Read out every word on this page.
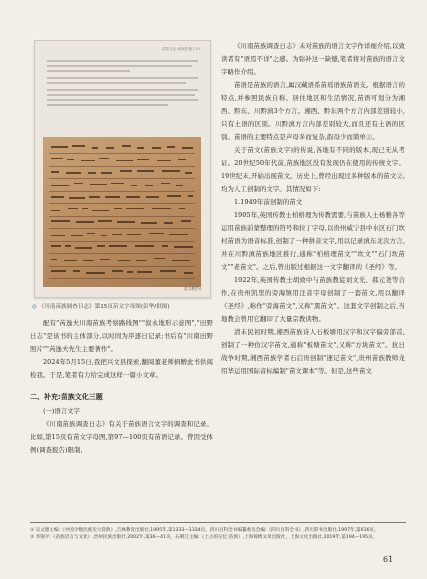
武陵文化·地域传播 | 15
苗文教学片
◎ 《川南苗族调查日志》第15页苗文字母图(彭华/供图)

配有"芮逸夫川南苗族考察路线图""叙永地形示意图","田野日志"是该书的主体部分,以时间为序逐日记录;书后有"川南田野照片""芮逸夫先生主要著作"。

2024年5月15日,我把兴文县探索,翻阅董老师捐赠此书供阅检我。于是,笔者有力给完成这样一篇小文章。

二、补充:苗族文化三题
(一)语言文字

《川南苗族调查日志》有关于苗族语言文字的调查和记录。比如,第15页有苗文字母图,第97—100页有苗语记录。曾因受体例(调查报告)限制,

《川南苗族调查日志》未对苗族的语言文字作详细介绍,以致读者有"语焉不详"之感。为弥补这一缺憾,笔者将对苗族的语言文字略作介绍。

苗语是苗族的语言,属汉藏语系苗瑶语族苗语支。根据语言的特点,并参照民族自称、居住地区和生活情况,苗语可划分为湘西、黔东、川黔滇3个方言。湘西、黔东两个方言内部差别较小,只有土语的区别。川黔滇方言内部差别较大,而且还有土语的区别。苗语的主要特点是声母多而复杂,韵母少而简单①。

关于苗文(苗族文字)的传说,各地有不同的版本,现已无从考证。20世纪50年代前,苗族地区没有发现仍在使用的传统文字。19世纪末,开始出现苗文。历史上,曾经出现过多种版本的苗文②,均为人工创制的文字。其情况如下:

1.1949年前创制的苗文

1905年,英国传教士柏格理为传教需要,与苗族人士杨雅各等运用苗族前蒙整理的符号和拉丁字母,以贵州威宁县中水区石门坎村苗语为语音标准,创制了一种拼音文字,用以记录滇东北次方言,并在川黔滇苗族地区推行,通称"柏格理苗文""坎文""石门坎苗文""老苗文"。之后,曾出版过根据这一文字翻译的《圣经》等。

1922年,英国传教士胡致中与苗族教徒刘文光、郝元尧等合作,在贵州凯里的旁海镇用注音字母创制了一套苗文,用以翻译《圣经》,称作"旁海苗文",又称"黑苗文"。这套文字创制之后,当地教会曾用它翻印了大量宗教读物。

清末民初时期,湘西苗族诗人石板塘用汉字和汉字偏旁部首,创制了一种仿汉字苗文,通称"板塘苗文",又称"方块苗文"。抗日战争时期,湘西苗族学者石启贵创制"速记苗文",贵州苗族教师龙绍华运用国际音标编制"苗文课本"等。但是,这些苗文

① 吴文德主编:《中国少数民族史大辞典》,吉林教育出版社,1995年,第1333—1334页。四川百科全书编纂委员会编:《四川百科全书》,四川辞书出版社,1997年,第616页。
② 李锦平:《苗族语言与文化》,贵州民族出版社,2002年,第36—41页。石朝江主编:《上古的记忆:苗族》,上海锦绣文章出版社、上海文化出版社,2019年,第194—195页。
61
